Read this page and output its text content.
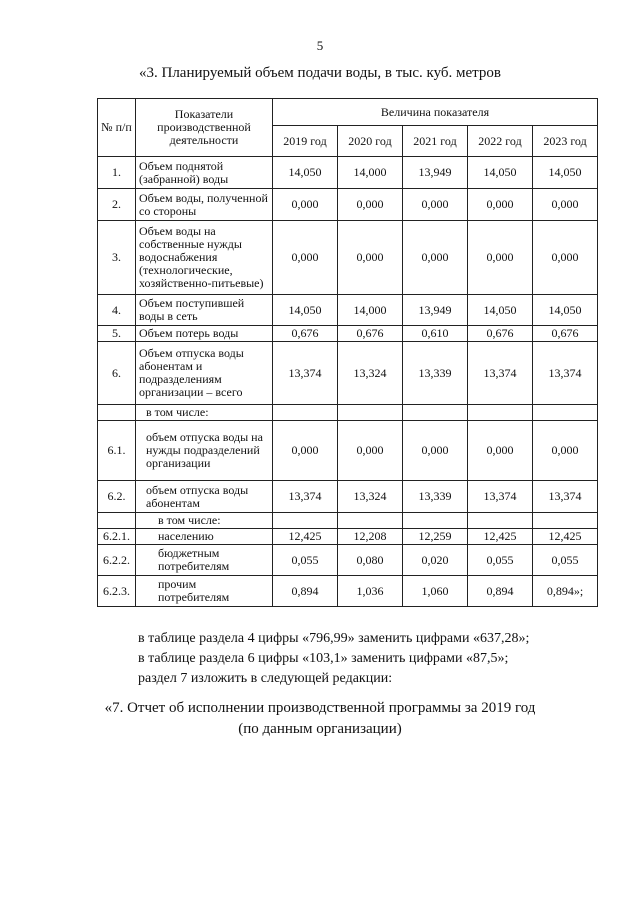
5
«3. Планируемый объем подачи воды, в тыс. куб. метров
№ п/п	Показатели производственной деятельности	Величина показателя				
		2019 год	2020 год	2021 год	2022 год	2023 год
1.	Объем поднятой (забранной) воды	14,050	14,000	13,949	14,050	14,050
2.	Объем воды, полученной со стороны	0,000	0,000	0,000	0,000	0,000
3.	Объем воды на собственные нужды водоснабжения (технологические, хозяйственно-питьевые)	0,000	0,000	0,000	0,000	0,000
4.	Объем поступившей воды в сеть	14,050	14,000	13,949	14,050	14,050
5.	Объем потерь воды	0,676	0,676	0,610	0,676	0,676
6.	Объем отпуска воды абонентам и подразделениям организации – всего	13,374	13,324	13,339	13,374	13,374
	в том числе:					
6.1.	объем отпуска воды на нужды подразделений организации	0,000	0,000	0,000	0,000	0,000
6.2.	объем отпуска воды абонентам	13,374	13,324	13,339	13,374	13,374
	в том числе:					
6.2.1.	населению	12,425	12,208	12,259	12,425	12,425
6.2.2.	бюджетным потребителям	0,055	0,080	0,020	0,055	0,055
6.2.3.	прочим потребителям	0,894	1,036	1,060	0,894	0,894»;
в таблице раздела 4 цифры «796,99» заменить цифрами «637,28»;
в таблице раздела 6 цифры «103,1» заменить цифрами «87,5»;
раздел 7 изложить в следующей редакции:
«7. Отчет об исполнении производственной программы за 2019 год
(по данным организации)
